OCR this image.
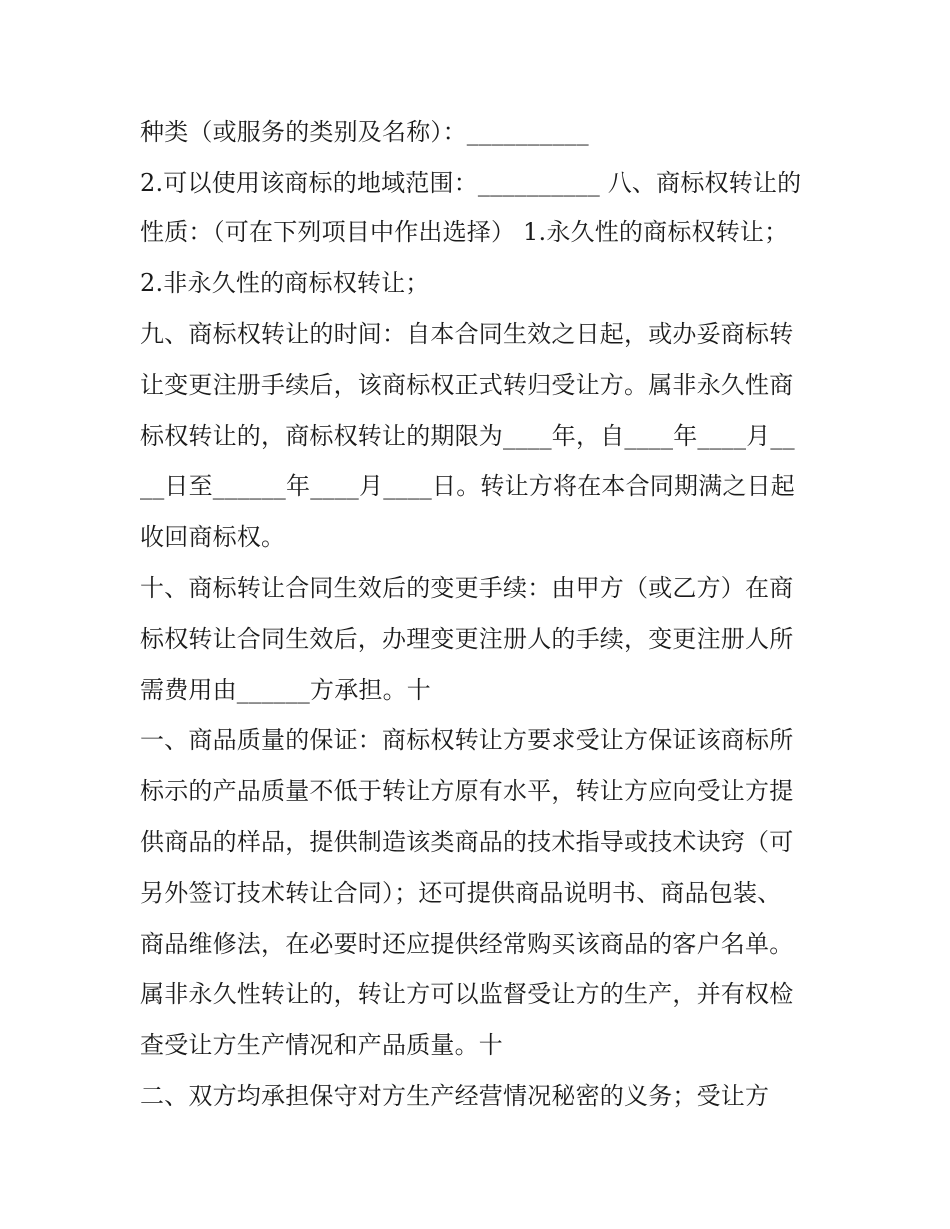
种类（或服务的类别及名称）：__________
2.可以使用该商标的地域范围：__________ 八、商标权转让的
性质：（可在下列项目中作出选择） 1.永久性的商标权转让；
2.非永久性的商标权转让；
九、商标权转让的时间：自本合同生效之日起，或办妥商标转
让变更注册手续后，该商标权正式转归受让方。属非永久性商
标权转让的，商标权转让的期限为____年，自____年____月__
__日至______年____月____日。转让方将在本合同期满之日起
收回商标权。
十、商标转让合同生效后的变更手续：由甲方（或乙方）在商
标权转让合同生效后，办理变更注册人的手续，变更注册人所
需费用由______方承担。十
一、商品质量的保证：商标权转让方要求受让方保证该商标所
标示的产品质量不低于转让方原有水平，转让方应向受让方提
供商品的样品，提供制造该类商品的技术指导或技术诀窍（可
另外签订技术转让合同）；还可提供商品说明书、商品包装、
商品维修法，在必要时还应提供经常购买该商品的客户名单。
属非永久性转让的，转让方可以监督受让方的生产，并有权检
查受让方生产情况和产品质量。十
二、双方均承担保守对方生产经营情况秘密的义务；受让方
